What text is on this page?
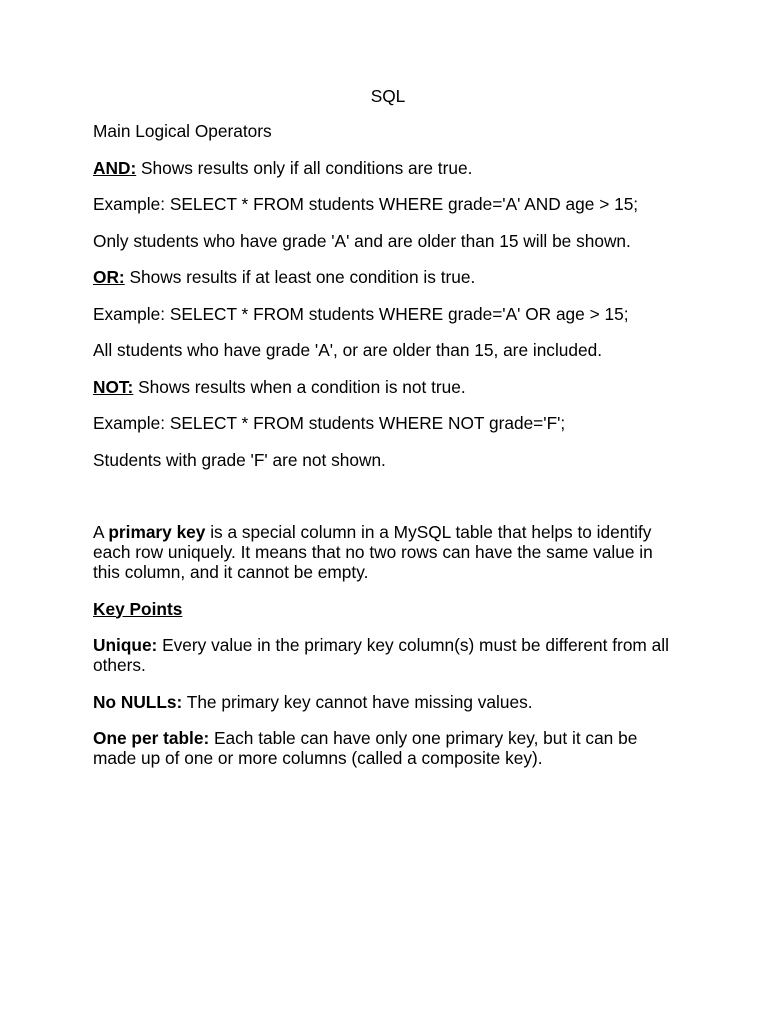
SQL

Main Logical Operators

AND: Shows results only if all conditions are true.

Example: SELECT * FROM students WHERE grade='A' AND age > 15;

Only students who have grade 'A' and are older than 15 will be shown.

OR: Shows results if at least one condition is true.

Example: SELECT * FROM students WHERE grade='A' OR age > 15;

All students who have grade 'A', or are older than 15, are included.

NOT: Shows results when a condition is not true.

Example: SELECT * FROM students WHERE NOT grade='F';

Students with grade 'F' are not shown.

A primary key is a special column in a MySQL table that helps to identify each row uniquely. It means that no two rows can have the same value in this column, and it cannot be empty.

Key Points

Unique: Every value in the primary key column(s) must be different from all others.

No NULLs: The primary key cannot have missing values.

One per table: Each table can have only one primary key, but it can be made up of one or more columns (called a composite key).
